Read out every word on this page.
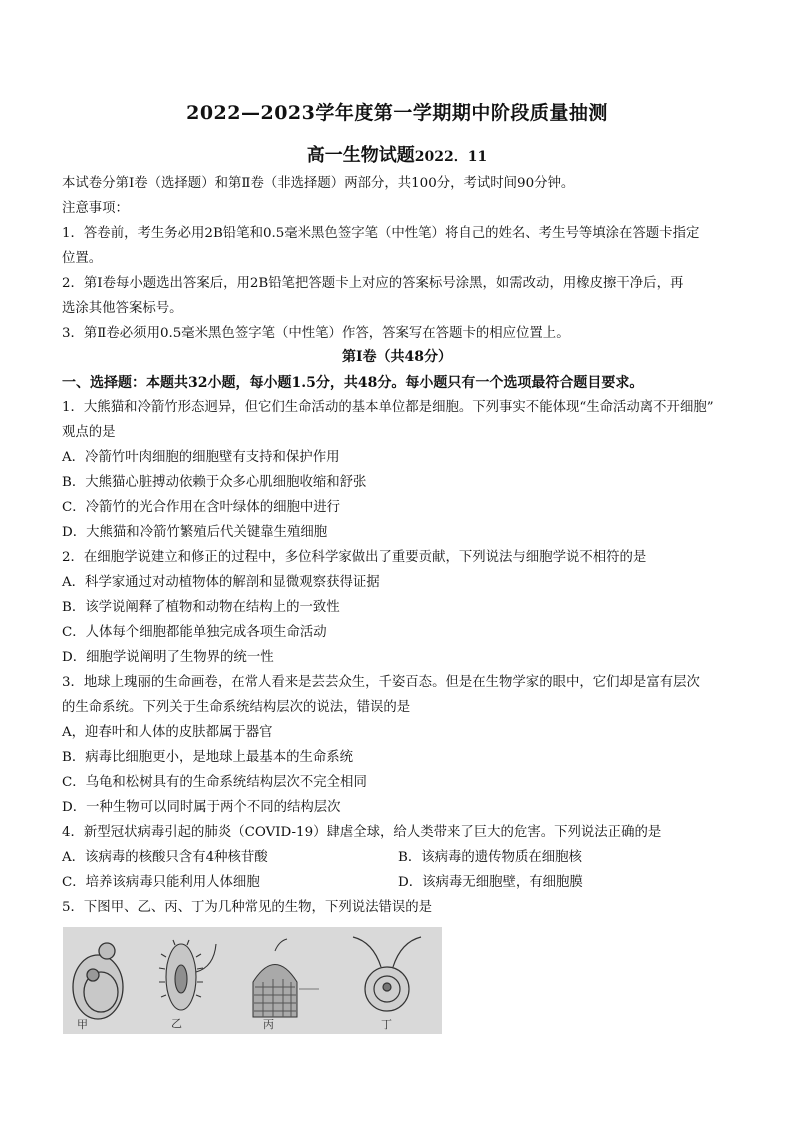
2022—2023学年度第一学期期中阶段质量抽测
高一生物试题2022．11
本试卷分第Ⅰ卷（选择题）和第Ⅱ卷（非选择题）两部分，共100分，考试时间90分钟。
注意事项：
1．答卷前，考生务必用2B铅笔和0.5毫米黑色签字笔（中性笔）将自己的姓名、考生号等填涂在答题卡指定
位置。
2．第Ⅰ卷每小题选出答案后，用2B铅笔把答题卡上对应的答案标号涂黑，如需改动，用橡皮擦干净后，再
选涂其他答案标号。
3．第Ⅱ卷必须用0.5毫米黑色签字笔（中性笔）作答，答案写在答题卡的相应位置上。
第Ⅰ卷（共48分）
一、选择题：本题共32小题，每小题1.5分，共48分。每小题只有一个选项最符合题目要求。
1．大熊猫和冷箭竹形态迥异，但它们生命活动的基本单位都是细胞。下列事实不能体现“生命活动离不开细胞”
观点的是
A．冷箭竹叶肉细胞的细胞壁有支持和保护作用
B．大熊猫心脏搏动依赖于众多心肌细胞收缩和舒张
C．冷箭竹的光合作用在含叶绿体的细胞中进行
D．大熊猫和冷箭竹繁殖后代关键靠生殖细胞
2．在细胞学说建立和修正的过程中，多位科学家做出了重要贡献，下列说法与细胞学说不相符的是
A．科学家通过对动植物体的解剖和显微观察获得证据
B．该学说阐释了植物和动物在结构上的一致性
C．人体每个细胞都能单独完成各项生命活动
D．细胞学说阐明了生物界的统一性
3．地球上瑰丽的生命画卷，在常人看来是芸芸众生，千姿百态。但是在生物学家的眼中，它们却是富有层次
的生命系统。下列关于生命系统结构层次的说法，错误的是
A，迎春叶和人体的皮肤都属于器官
B．病毒比细胞更小，是地球上最基本的生命系统
C．乌龟和松树具有的生命系统结构层次不完全相同
D．一种生物可以同时属于两个不同的结构层次
4．新型冠状病毒引起的肺炎（COVID-19）肆虐全球，给人类带来了巨大的危害。下列说法正确的是
A．该病毒的核酸只含有4种核苷酸	B．该病毒的遗传物质在细胞核
C．培养该病毒只能利用人体细胞	D．该病毒无细胞壁，有细胞膜
5．下图甲、乙、丙、丁为几种常见的生物，下列说法错误的是
甲	乙	丙	丁
